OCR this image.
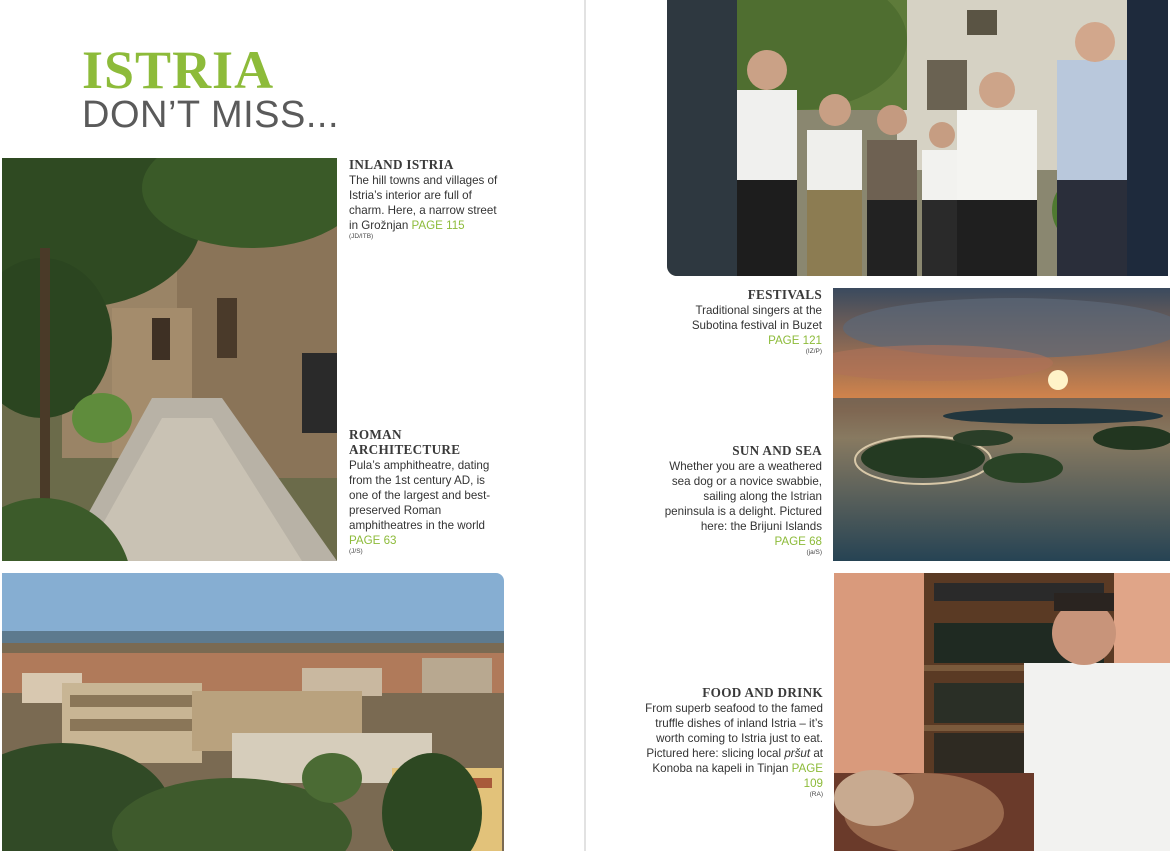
ISTRIA
DON’T MISS...
INLAND ISTRIA
The hill towns and villages of Istria’s interior are full of charm. Here, a narrow street in Grožnjan PAGE 115
(JD/ITB)
ROMAN ARCHITECTURE
Pula’s amphitheatre, dating from the 1st century AD, is one of the largest and best-preserved Roman amphitheatres in the world
PAGE 63
(J/S)
FESTIVALS
Traditional singers at the Subotina festival in Buzet
PAGE 121
(IZ/P)
SUN AND SEA
Whether you are a weathered sea dog or a novice swabbie, sailing along the Istrian peninsula is a delight. Pictured here: the Brijuni Islands
PAGE 68
(ja/S)
FOOD AND DRINK
From superb seafood to the famed truffle dishes of inland Istria – it’s worth coming to Istria just to eat. Pictured here: slicing local pršut at Konoba na kapeli in Tinjan PAGE 109
(RA)
